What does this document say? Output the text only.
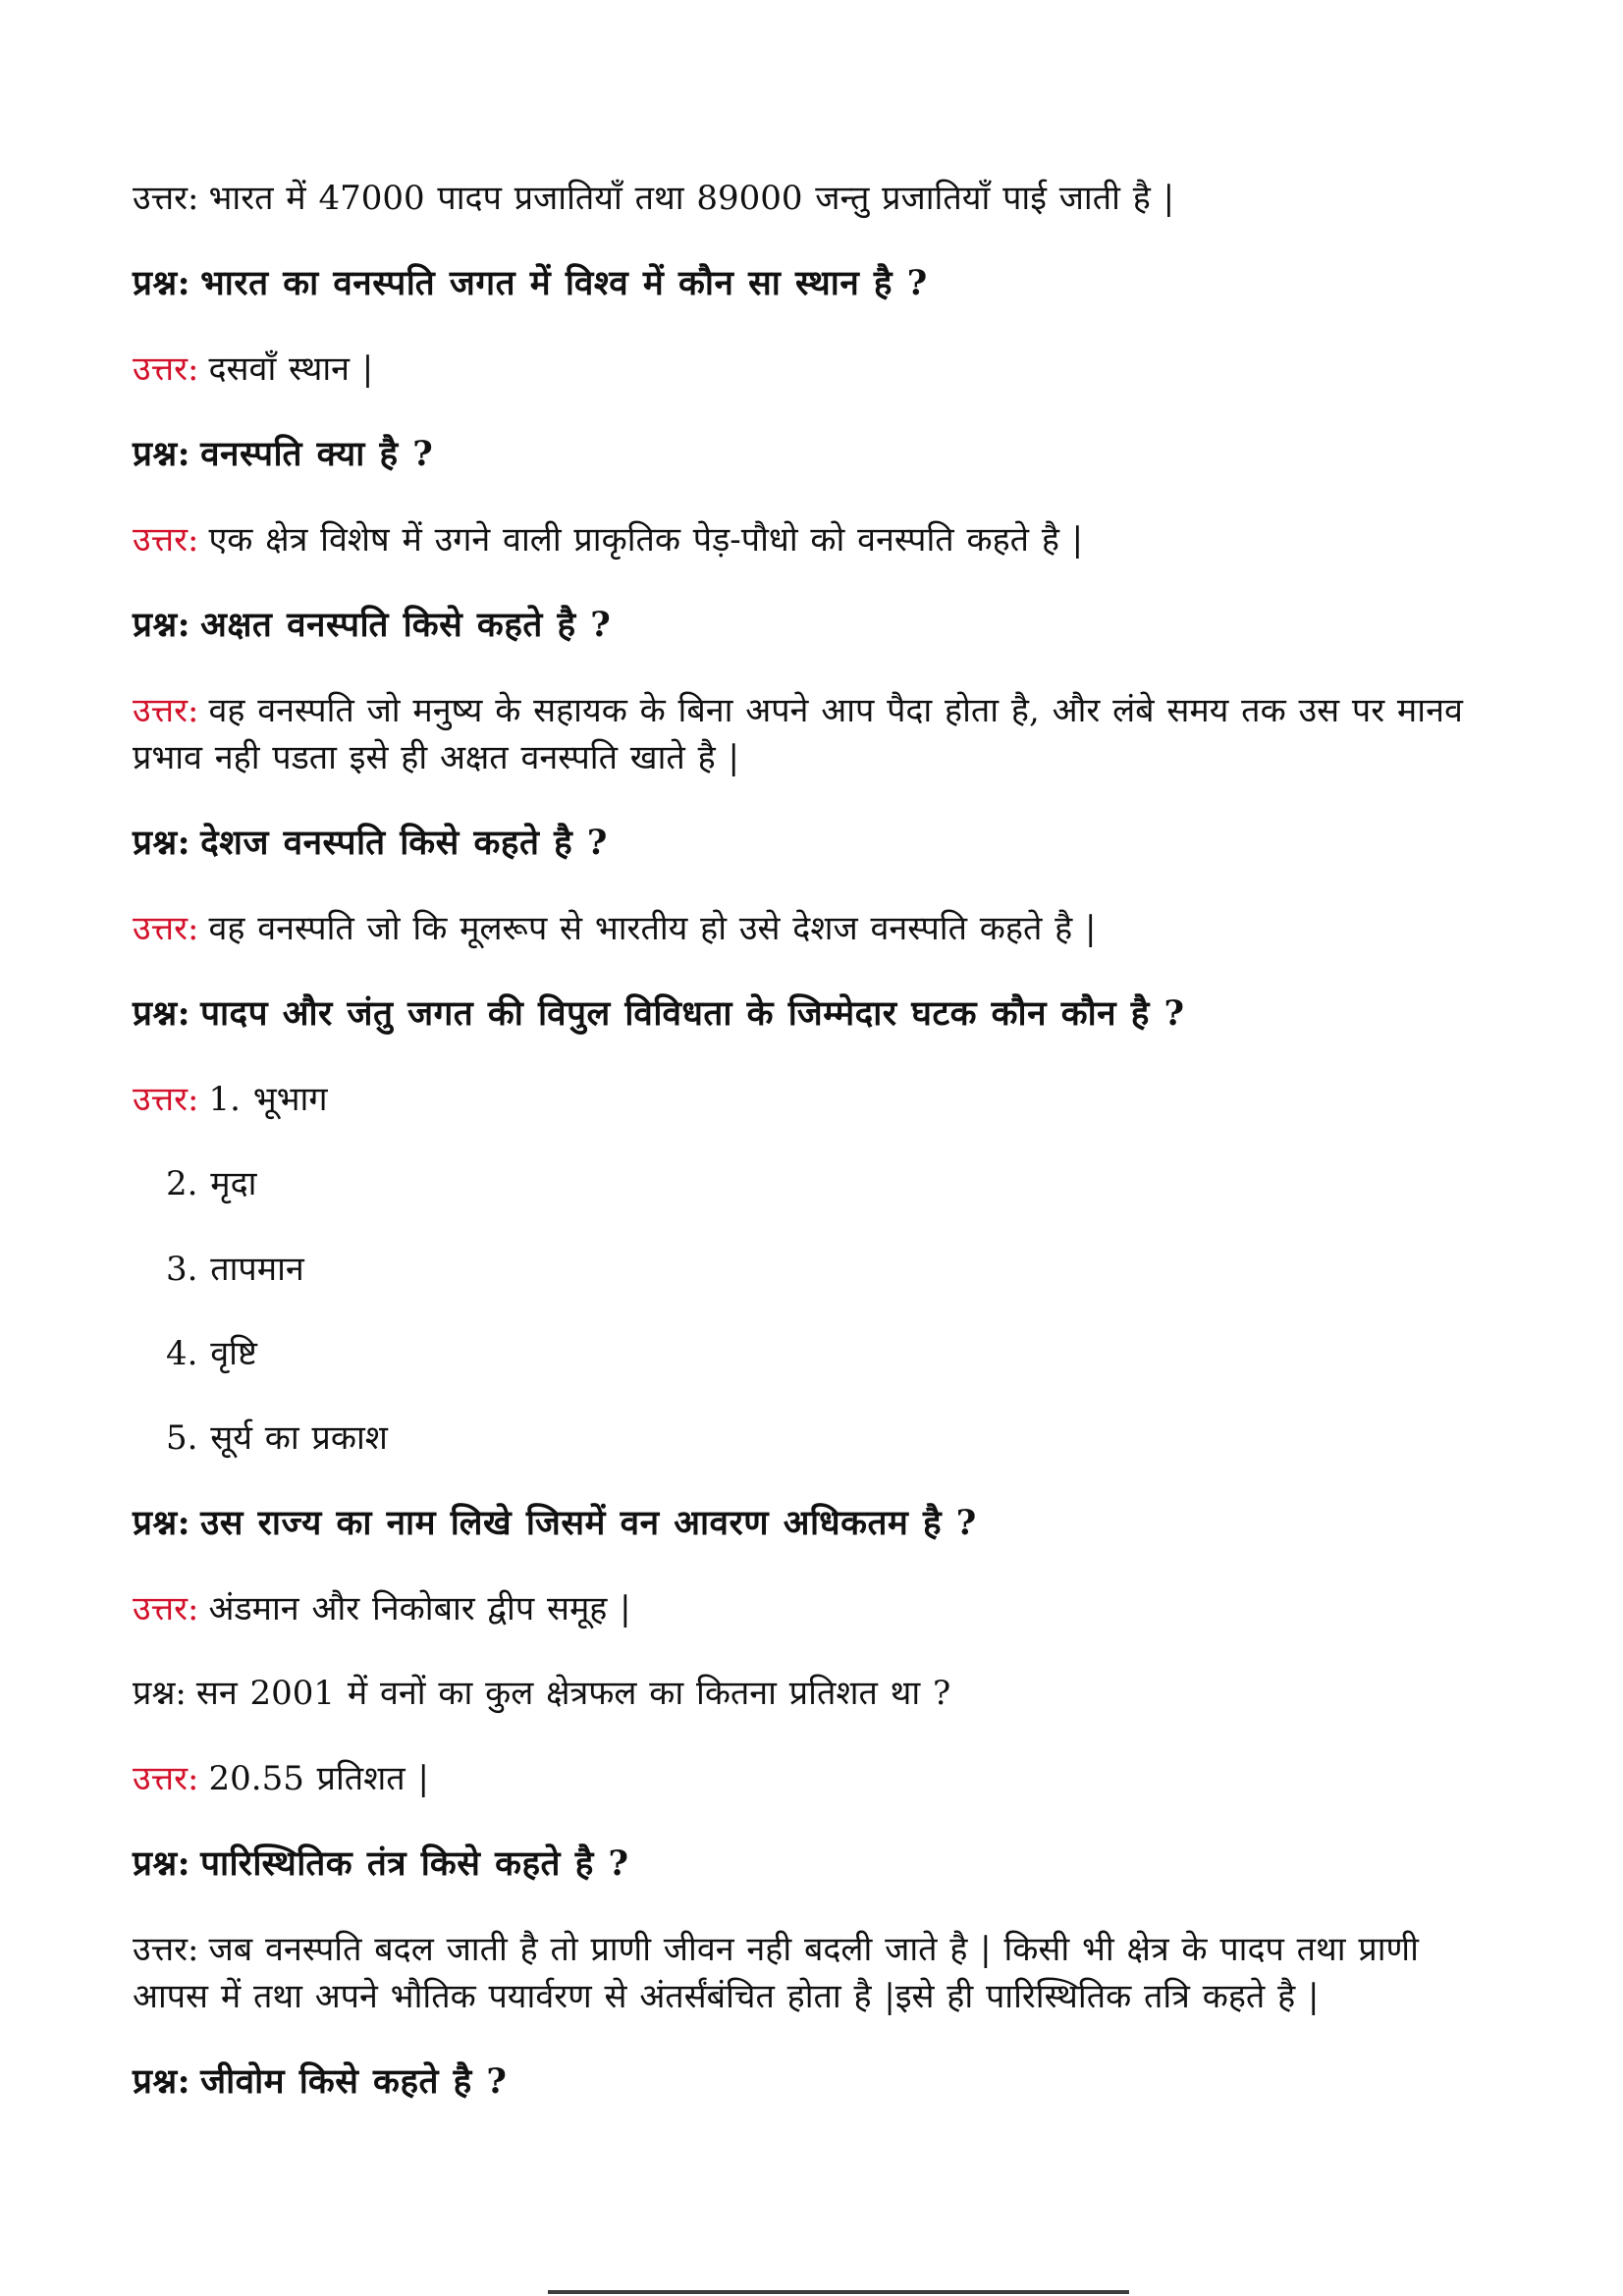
उत्तर: भारत में 47000 पादप प्रजातियाँ तथा 89000 जन्तु प्रजातियाँ पाई जाती है |

प्रश्न: भारत का वनस्पति जगत में विश्व में कौन सा स्थान है ?

उत्तर: दसवाँ स्थान |

प्रश्न: वनस्पति क्या है ?

उत्तर: एक क्षेत्र विशेष में उगने वाली प्राकृतिक पेड़-पौधो को वनस्पति कहते है |

प्रश्न: अक्षत वनस्पति किसे कहते है ?

उत्तर: वह वनस्पति जो मनुष्य के सहायक के बिना अपने आप पैदा होता है, और लंबे समय तक उस पर मानव प्रभाव नही पडता इसे ही अक्षत वनस्पति खाते है |

प्रश्न: देशज वनस्पति किसे कहते है ?

उत्तर: वह वनस्पति जो कि मूलरूप से भारतीय हो उसे देशज वनस्पति कहते है |

प्रश्न: पादप और जंतु जगत की विपुल विविधता के जिम्मेदार घटक कौन कौन है ?

उत्तर: 1. भूभाग

2. मृदा

3. तापमान

4. वृष्टि

5. सूर्य का प्रकाश

प्रश्न: उस राज्य का नाम लिखे जिसमें वन आवरण अधिकतम है ?

उत्तर: अंडमान और निकोबार द्वीप समूह |

प्रश्न: सन 2001 में वनों का कुल क्षेत्रफल का कितना प्रतिशत था ?

उत्तर: 20.55 प्रतिशत |

प्रश्न: पारिस्थितिक तंत्र किसे कहते है ?

उत्तर: जब वनस्पति बदल जाती है तो प्राणी जीवन नही बदली जाते है | किसी भी क्षेत्र के पादप तथा प्राणी आपस में तथा अपने भौतिक पयार्वरण से अंतर्संबंचित होता है |इसे ही पारिस्थितिक तत्रि कहते है |

प्रश्न: जीवोम किसे कहते है ?
